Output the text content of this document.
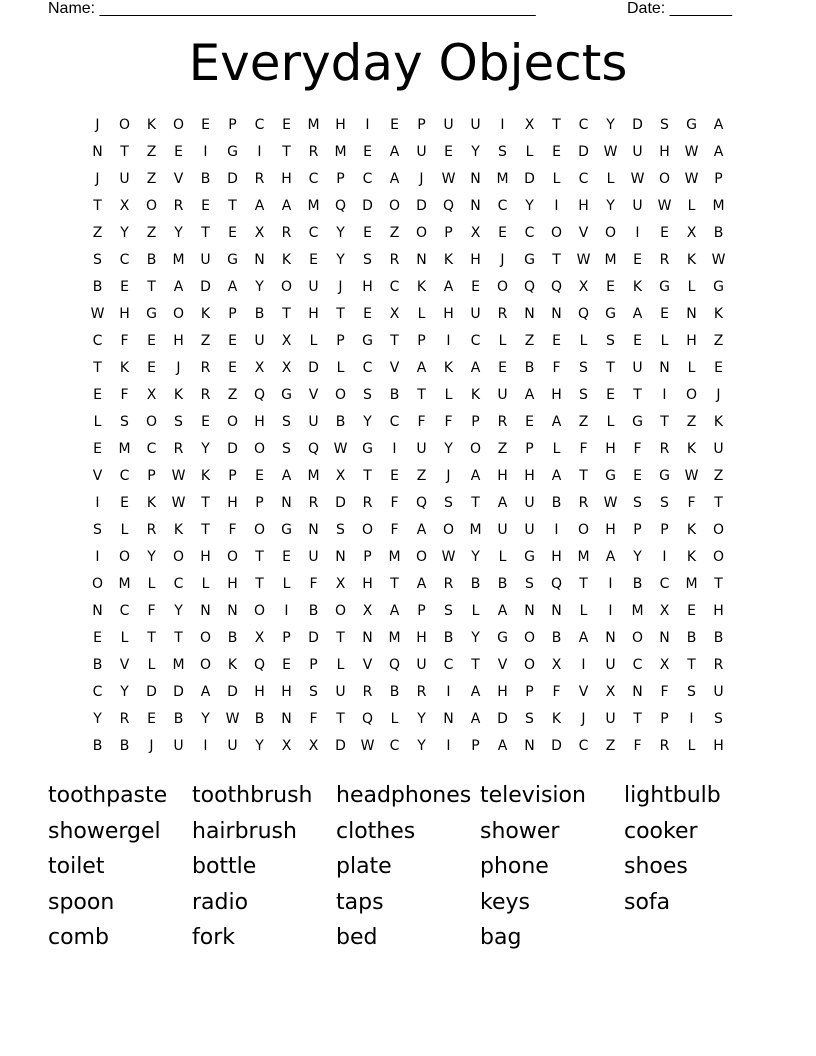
Name: _________________________________________________	Date: _______
Everyday Objects
J	O	K	O	E	P	C	E	M	H	I	E	P	U	U	I	X	T	C	Y	D	S	G	A
N	T	Z	E	I	G	I	T	R	M	E	A	U	E	Y	S	L	E	D	W	U	H	W	A
J	U	Z	V	B	D	R	H	C	P	C	A	J	W	N	M	D	L	C	L	W	O	W	P
T	X	O	R	E	T	A	A	M	Q	D	O	D	Q	N	C	Y	I	H	Y	U	W	L	M
Z	Y	Z	Y	T	E	X	R	C	Y	E	Z	O	P	X	E	C	O	V	O	I	E	X	B
S	C	B	M	U	G	N	K	E	Y	S	R	N	K	H	J	G	T	W	M	E	R	K	W
B	E	T	A	D	A	Y	O	U	J	H	C	K	A	E	O	Q	Q	X	E	K	G	L	G
W	H	G	O	K	P	B	T	H	T	E	X	L	H	U	R	N	N	Q	G	A	E	N	K
C	F	E	H	Z	E	U	X	L	P	G	T	P	I	C	L	Z	E	L	S	E	L	H	Z
T	K	E	J	R	E	X	X	D	L	C	V	A	K	A	E	B	F	S	T	U	N	L	E
E	F	X	K	R	Z	Q	G	V	O	S	B	T	L	K	U	A	H	S	E	T	I	O	J
L	S	O	S	E	O	H	S	U	B	Y	C	F	F	P	R	E	A	Z	L	G	T	Z	K
E	M	C	R	Y	D	O	S	Q	W	G	I	U	Y	O	Z	P	L	F	H	F	R	K	U
V	C	P	W	K	P	E	A	M	X	T	E	Z	J	A	H	H	A	T	G	E	G	W	Z
I	E	K	W	T	H	P	N	R	D	R	F	Q	S	T	A	U	B	R	W	S	S	F	T
S	L	R	K	T	F	O	G	N	S	O	F	A	O	M	U	U	I	O	H	P	P	K	O
I	O	Y	O	H	O	T	E	U	N	P	M	O	W	Y	L	G	H	M	A	Y	I	K	O
O	M	L	C	L	H	T	L	F	X	H	T	A	R	B	B	S	Q	T	I	B	C	M	T
N	C	F	Y	N	N	O	I	B	O	X	A	P	S	L	A	N	N	L	I	M	X	E	H
E	L	T	T	O	B	X	P	D	T	N	M	H	B	Y	G	O	B	A	N	O	N	B	B
B	V	L	M	O	K	Q	E	P	L	V	Q	U	C	T	V	O	X	I	U	C	X	T	R
C	Y	D	D	A	D	H	H	S	U	R	B	R	I	A	H	P	F	V	X	N	F	S	U
Y	R	E	B	Y	W	B	N	F	T	Q	L	Y	N	A	D	S	K	J	U	T	P	I	S
B	B	J	U	I	U	Y	X	X	D	W	C	Y	I	P	A	N	D	C	Z	F	R	L	H
toothpaste	toothbrush	headphones television	lightbulb
showergel	hairbrush	clothes	shower	cooker
toilet	bottle	plate	phone	shoes
spoon	radio	taps	keys	sofa
comb	fork	bed	bag
